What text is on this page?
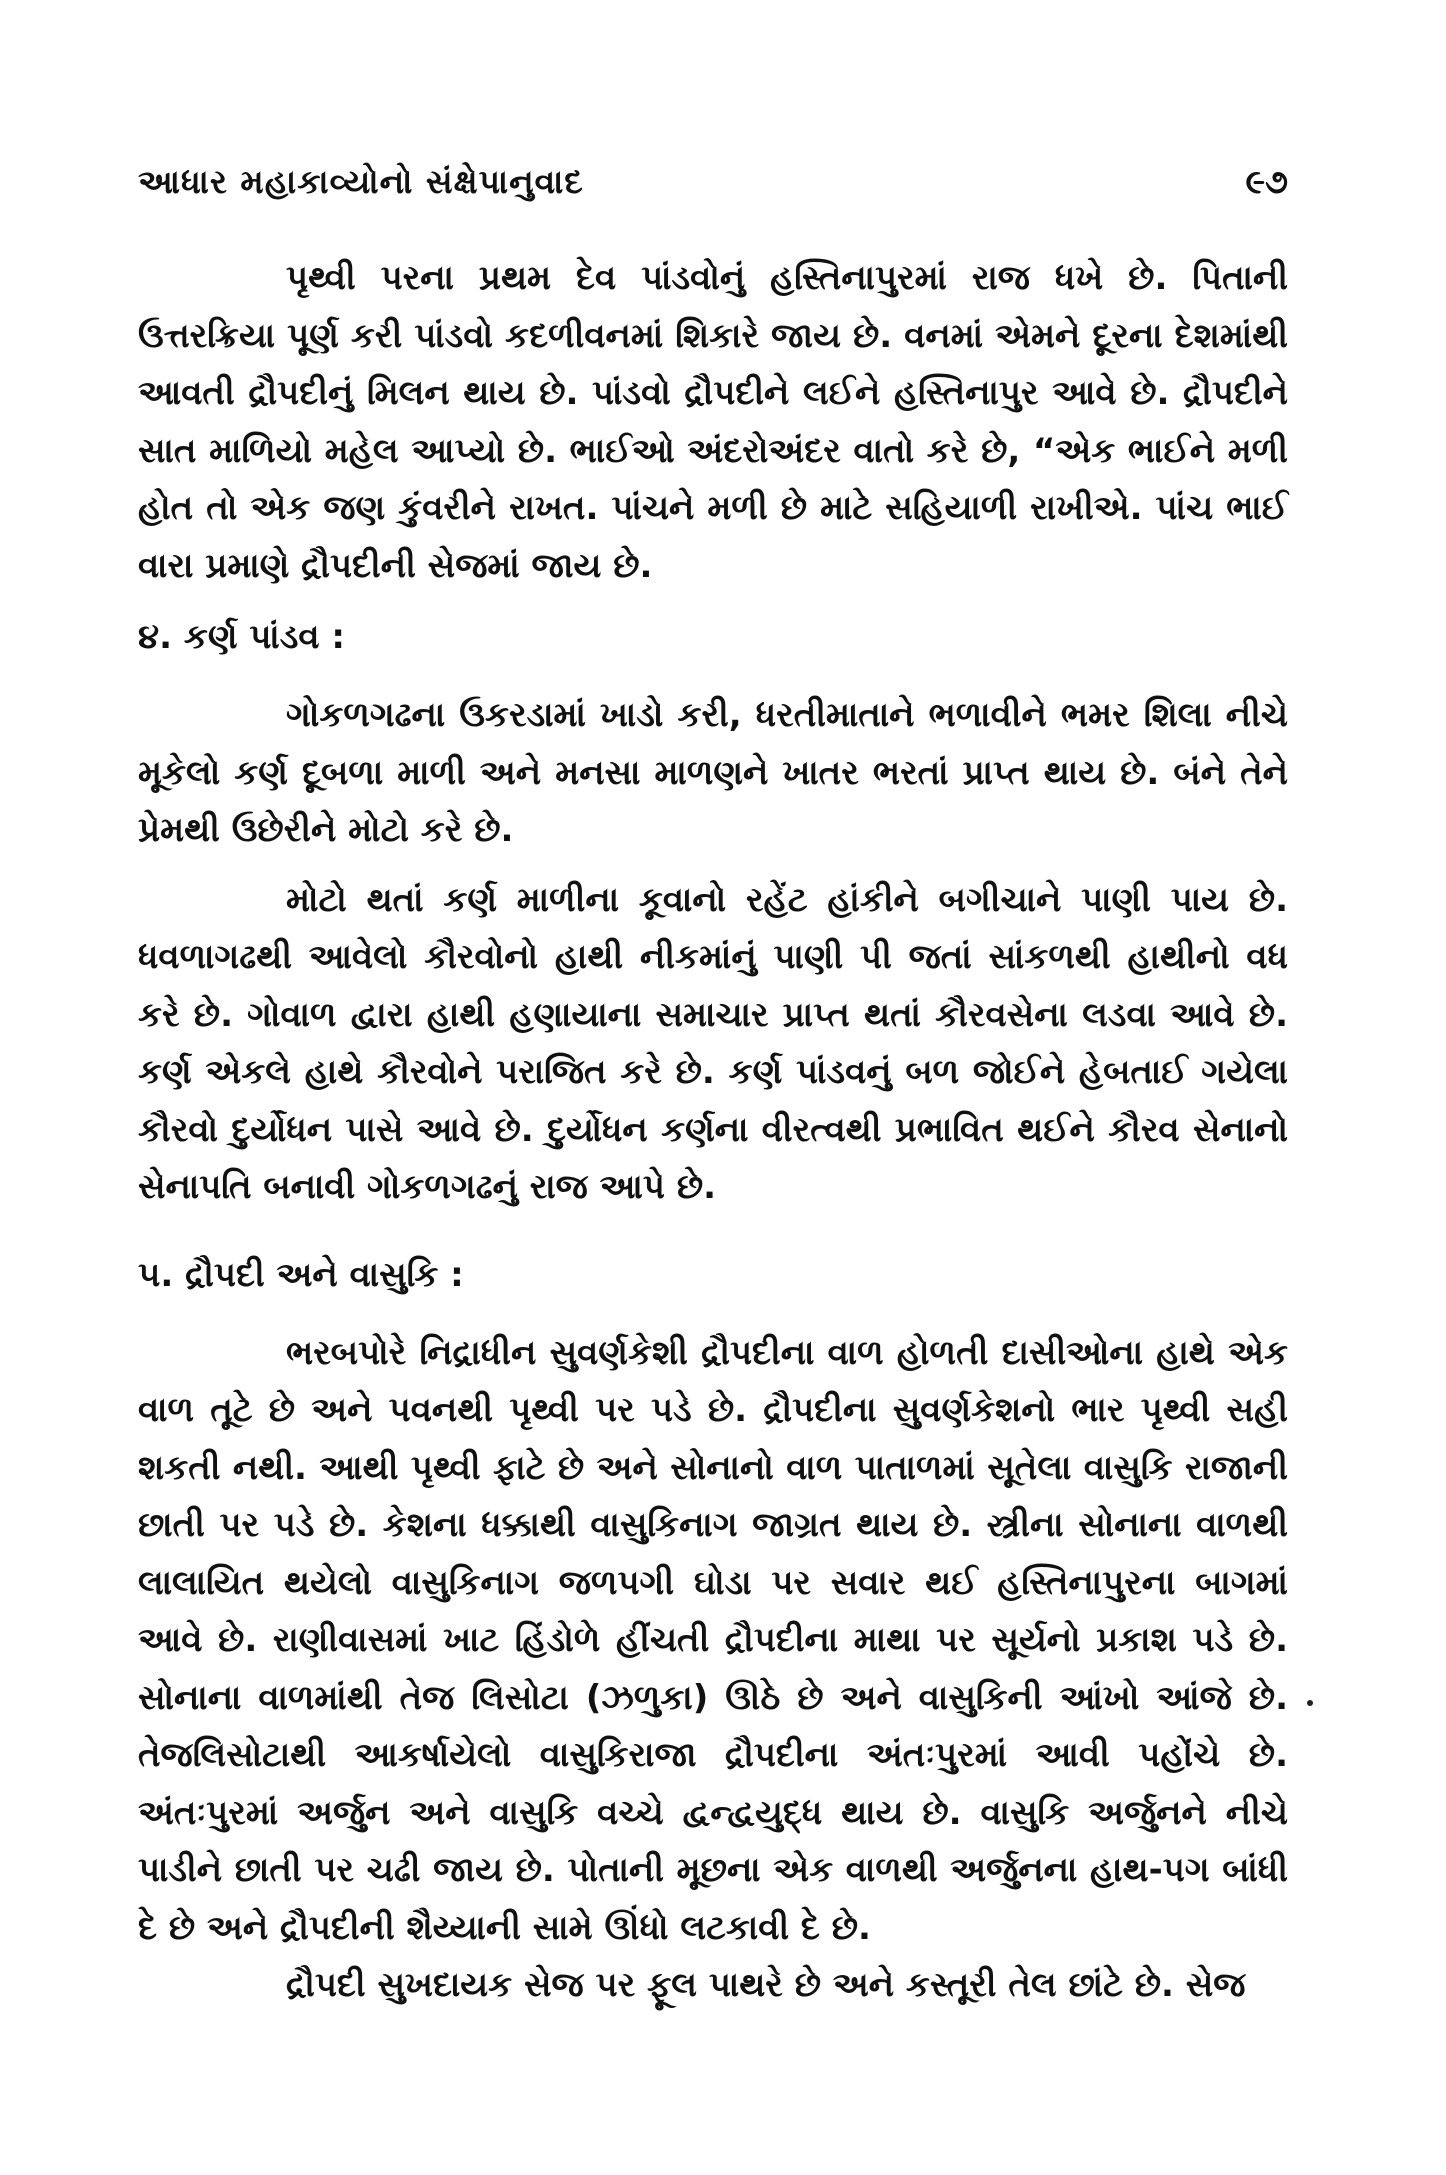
આધાર મહાકાવ્યોનો સંક્ષેપાનુવાદ	૯૭

પૃથ્વી પરના પ્રથમ દેવ પાંડવોનું હસ્તિનાપુરમાં રાજ ધખે છે. પિતાની ઉત્તરક્રિયા પૂર્ણ કરી પાંડવો કદળીવનમાં શિકારે જાય છે. વનમાં એમને દૂરના દેશમાંથી આવતી દ્રૌપદીનું મિલન થાય છે. પાંડવો દ્રૌપદીને લઈને હસ્તિનાપુર આવે છે. દ્રૌપદીને સાત માળિયો મહેલ આપ્યો છે. ભાઈઓ અંદરોઅંદર વાતો કરે છે, “એક ભાઈને મળી હોત તો એક જણ કુંવરીને રાખત. પાંચને મળી છે માટે સહિયાળી રાખીએ. પાંચ ભાઈ વારા પ્રમાણે દ્રૌપદીની સેજમાં જાય છે.

૪. કર્ણ પાંડવ :

ગોકળગઢના ઉકરડામાં ખાડો કરી, ધરતીમાતાને ભળાવીને ભમર શિલા નીચે મૂકેલો કર્ણ દૂબળા માળી અને મનસા માળણને ખાતર ભરતાં પ્રાપ્ત થાય છે. બંને તેને પ્રેમથી ઉછેરીને મોટો કરે છે.

મોટો થતાં કર્ણ માળીના કૂવાનો રહેંટ હાંકીને બગીચાને પાણી પાય છે. ધવળાગઢથી આવેલો કૌરવોનો હાથી નીકમાંનું પાણી પી જતાં સાંકળથી હાથીનો વધ કરે છે. ગોવાળ દ્વારા હાથી હણાયાના સમાચાર પ્રાપ્ત થતાં કૌરવસેના લડવા આવે છે. કર્ણ એકલે હાથે કૌરવોને પરાજિત કરે છે. કર્ણ પાંડવનું બળ જોઈને હેબતાઈ ગયેલા કૌરવો દુર્યોધન પાસે આવે છે. દુર્યોધન કર્ણના વીરત્વથી પ્રભાવિત થઈને કૌરવ સેનાનો સેનાપતિ બનાવી ગોકળગઢનું રાજ આપે છે.

૫. દ્રૌપદી અને વાસુકિ :

ભરબપોરે નિદ્રાધીન સુવર્ણકેશી દ્રૌપદીના વાળ હોળતી દાસીઓના હાથે એક વાળ તૂટે છે અને પવનથી પૃથ્વી પર પડે છે. દ્રૌપદીના સુવર્ણકેશનો ભાર પૃથ્વી સહી શકતી નથી. આથી પૃથ્વી ફાટે છે અને સોનાનો વાળ પાતાળમાં સૂતેલા વાસુકિ રાજાની છાતી પર પડે છે. કેશના ધક્કાથી વાસુકિનાગ જાગ્રત થાય છે. સ્ત્રીના સોનાના વાળથી લાલાયિત થયેલો વાસુકિનાગ જળપગી ઘોડા પર સવાર થઈ હસ્તિનાપુરના બાગમાં આવે છે. રાણીવાસમાં ખાટ હિંડોળે હીંચતી દ્રૌપદીના માથા પર સૂર્યનો પ્રકાશ પડે છે. સોનાના વાળમાંથી તેજ લિસોટા (ઝળુકા) ઊઠે છે અને વાસુકિની આંખો આંજે છે. તેજલિસોટાથી આકર્ષાયેલો વાસુકિરાજા દ્રૌપદીના અંતઃપુરમાં આવી પહોંચે છે. અંતઃપુરમાં અર્જુન અને વાસુકિ વચ્ચે દ્વન્દ્વયુદ્ધ થાય છે. વાસુકિ અર્જુનને નીચે પાડીને છાતી પર ચઢી જાય છે. પોતાની મૂછના એક વાળથી અર્જુનના હાથ-પગ બાંધી દે છે અને દ્રૌપદીની શૈય્યાની સામે ઊંધો લટકાવી દે છે.

દ્રૌપદી સુખદાયક સેજ પર ફૂલ પાથરે છે અને કસ્તૂરી તેલ છાંટે છે. સેજ
